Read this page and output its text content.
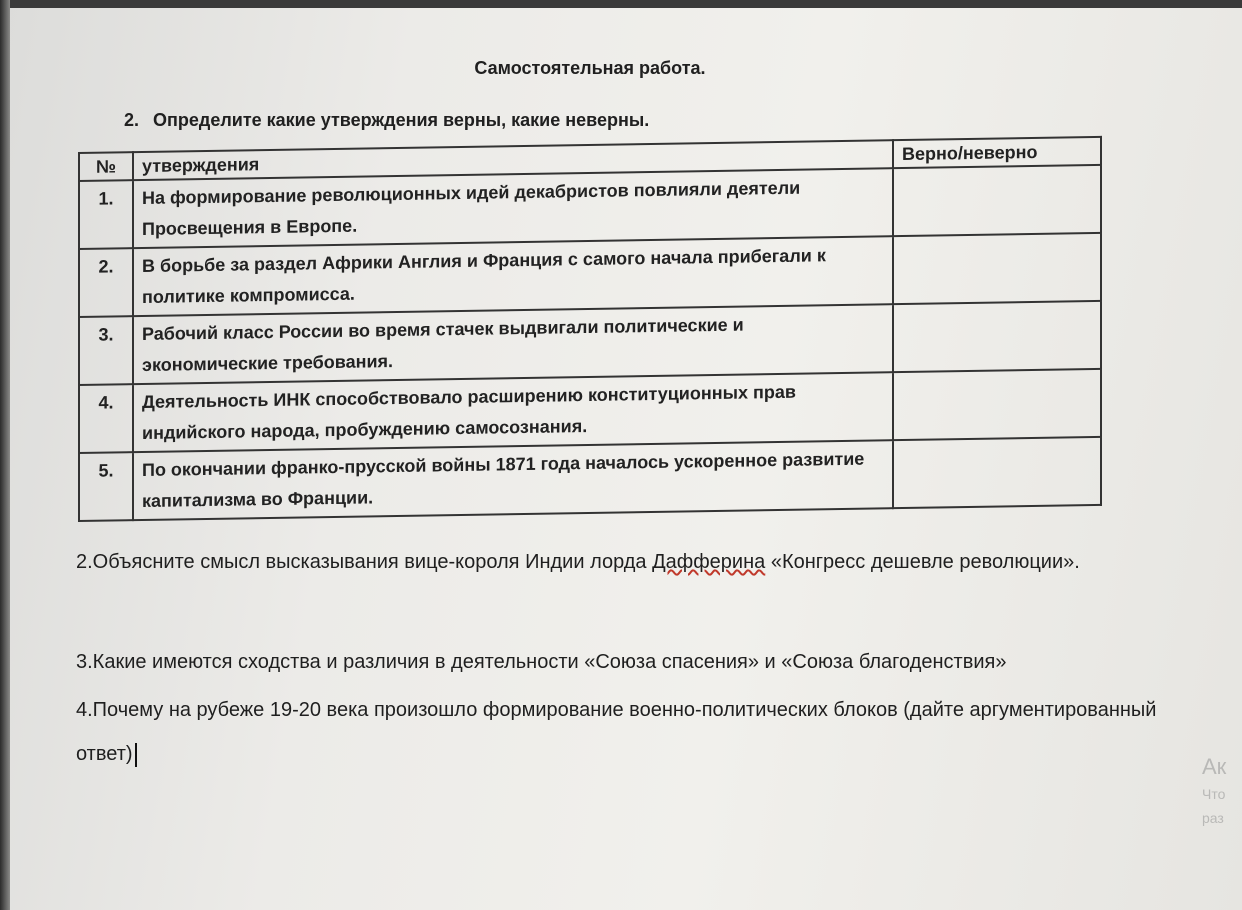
Самостоятельная работа.
2. Определите какие утверждения верны, какие неверны.
№	утверждения	Верно/неверно
1.	На формирование революционных идей декабристов повлияли деятели Просвещения в Европе.	
2.	В борьбе за раздел Африки Англия и Франция с самого начала прибегали к политике компромисса.	
3.	Рабочий класс России во время стачек выдвигали политические и экономические требования.	
4.	Деятельность ИНК способствовало расширению конституционных прав индийского народа, пробуждению самосознания.	
5.	По окончании франко-прусской войны 1871 года началось ускоренное развитие капитализма во Франции.	
2.Объясните смысл высказывания вице-короля Индии лорда Дафферина «Конгресс дешевле революции».
3.Какие имеются сходства и различия в деятельности «Союза спасения» и «Союза благоденствия»
4.Почему на рубеже 19-20 века произошло формирование военно-политических блоков (дайте аргументированный ответ)	Ак
Что
раз
